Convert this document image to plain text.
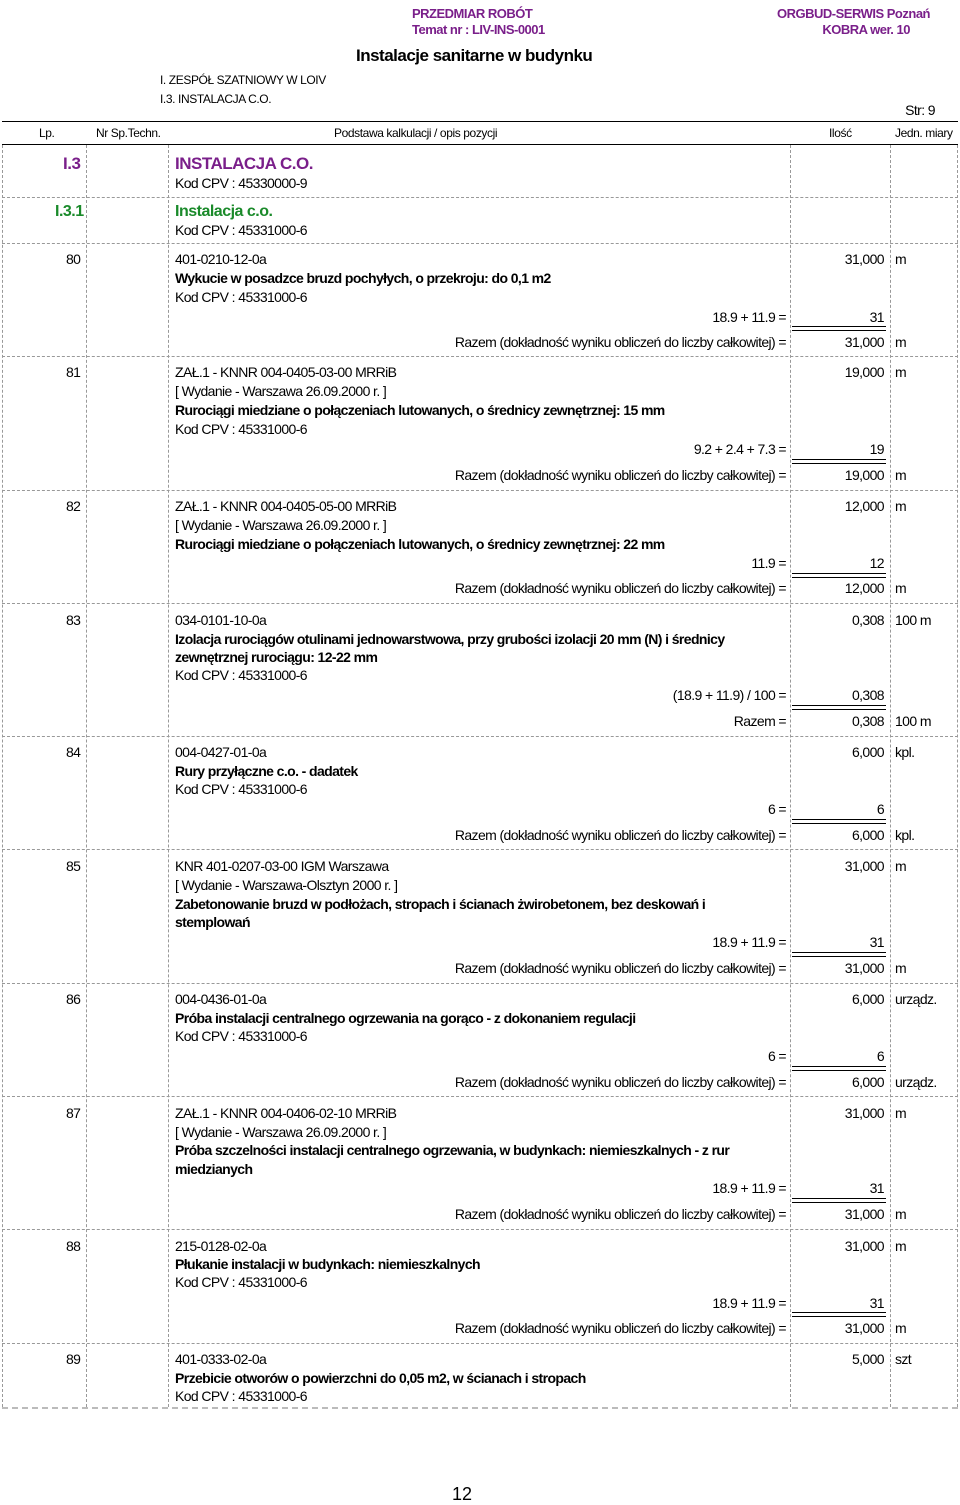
PRZEDMIAR ROBÓT
Temat nr : LIV-INS-0001
ORGBUD-SERWIS Poznań
KOBRA wer. 10
Instalacje sanitarne w budynku
I. ZESPÓŁ SZATNIOWY W LOIV
I.3. INSTALACJA C.O.
Str: 9
Lp.	Nr Sp.Techn.	Podstawa kalkulacji / opis pozycji	Ilość	Jedn. miary
I.3	INSTALACJA C.O.
Kod CPV : 45330000-9
I.3.1	Instalacja c.o.
Kod CPV : 45331000-6
80	401-0210-12-0a	31,000 m
Wykucie w posadzce bruzd pochyłych, o przekroju: do 0,1 m2
Kod CPV : 45331000-6
18.9 + 11.9 =	31
Razem (dokładność wyniku obliczeń do liczby całkowitej) =	31,000 m
81	ZAŁ.1 - KNNR 004-0405-03-00 MRRiB	19,000 m
[ Wydanie - Warszawa 26.09.2000 r. ]
Rurociągi miedziane o połączeniach lutowanych, o średnicy zewnętrznej: 15 mm
Kod CPV : 45331000-6
9.2 + 2.4 + 7.3 =	19
Razem (dokładność wyniku obliczeń do liczby całkowitej) =	19,000 m
82	ZAŁ.1 - KNNR 004-0405-05-00 MRRiB	12,000 m
[ Wydanie - Warszawa 26.09.2000 r. ]
Rurociągi miedziane o połączeniach lutowanych, o średnicy zewnętrznej: 22 mm
11.9 =	12
Razem (dokładność wyniku obliczeń do liczby całkowitej) =	12,000 m
83	034-0101-10-0a	0,308 100 m
Izolacja rurociągów otulinami jednowarstwowa, przy grubości izolacji 20 mm (N) i średnicy
zewnętrznej rurociągu: 12-22 mm
Kod CPV : 45331000-6
(18.9 + 11.9) / 100 =	0,308
Razem =	0,308 100 m
84	004-0427-01-0a	6,000 kpl.
Rury przyłączne c.o. - dadatek
Kod CPV : 45331000-6
6 =	6
Razem (dokładność wyniku obliczeń do liczby całkowitej) =	6,000 kpl.
85	KNR 401-0207-03-00 IGM Warszawa	31,000 m
[ Wydanie - Warszawa-Olsztyn 2000 r. ]
Zabetonowanie bruzd w podłożach, stropach i ścianach żwirobetonem, bez deskowań i
stemplowań
18.9 + 11.9 =	31
Razem (dokładność wyniku obliczeń do liczby całkowitej) =	31,000 m
86	004-0436-01-0a	6,000 urządz.
Próba instalacji centralnego ogrzewania na gorąco - z dokonaniem regulacji
Kod CPV : 45331000-6
6 =	6
Razem (dokładność wyniku obliczeń do liczby całkowitej) =	6,000 urządz.
87	ZAŁ.1 - KNNR 004-0406-02-10 MRRiB	31,000 m
[ Wydanie - Warszawa 26.09.2000 r. ]
Próba szczelności instalacji centralnego ogrzewania, w budynkach: niemieszkalnych - z rur
miedzianych
18.9 + 11.9 =	31
Razem (dokładność wyniku obliczeń do liczby całkowitej) =	31,000 m
88	215-0128-02-0a	31,000 m
Płukanie instalacji w budynkach: niemieszkalnych
Kod CPV : 45331000-6
18.9 + 11.9 =	31
Razem (dokładność wyniku obliczeń do liczby całkowitej) =	31,000 m
89	401-0333-02-0a	5,000 szt
Przebicie otworów o powierzchni do 0,05 m2, w ścianach i stropach
Kod CPV : 45331000-6
12
